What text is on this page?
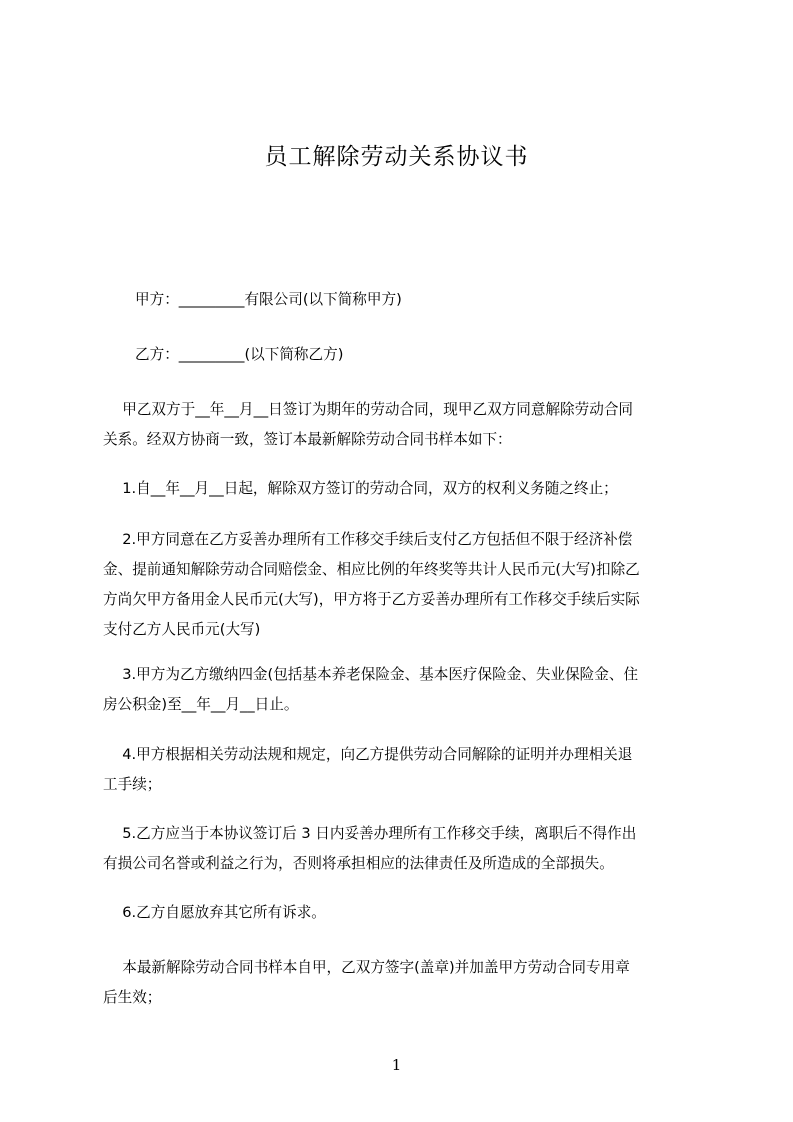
员工解除劳动关系协议书

甲方：_________有限公司(以下简称甲方)

乙方：_________(以下简称乙方)

　 甲乙双方于__年__月__日签订为期年的劳动合同，现甲乙双方同意解除劳动合同
关系。经双方协商一致，签订本最新解除劳动合同书样本如下：

　 1.自__年__月__日起，解除双方签订的劳动合同，双方的权利义务随之终止；

　 2.甲方同意在乙方妥善办理所有工作移交手续后支付乙方包括但不限于经济补偿
金、提前通知解除劳动合同赔偿金、相应比例的年终奖等共计人民币元(大写)扣除乙
方尚欠甲方备用金人民币元(大写)，甲方将于乙方妥善办理所有工作移交手续后实际
支付乙方人民币元(大写)

　 3.甲方为乙方缴纳四金(包括基本养老保险金、基本医疗保险金、失业保险金、住
房公积金)至__年__月__日止。

　 4.甲方根据相关劳动法规和规定，向乙方提供劳动合同解除的证明并办理相关退
工手续；

　 5.乙方应当于本协议签订后 3 日内妥善办理所有工作移交手续，离职后不得作出
有损公司名誉或利益之行为，否则将承担相应的法律责任及所造成的全部损失。

　 6.乙方自愿放弃其它所有诉求。

　 本最新解除劳动合同书样本自甲，乙双方签字(盖章)并加盖甲方劳动合同专用章
后生效；

1
